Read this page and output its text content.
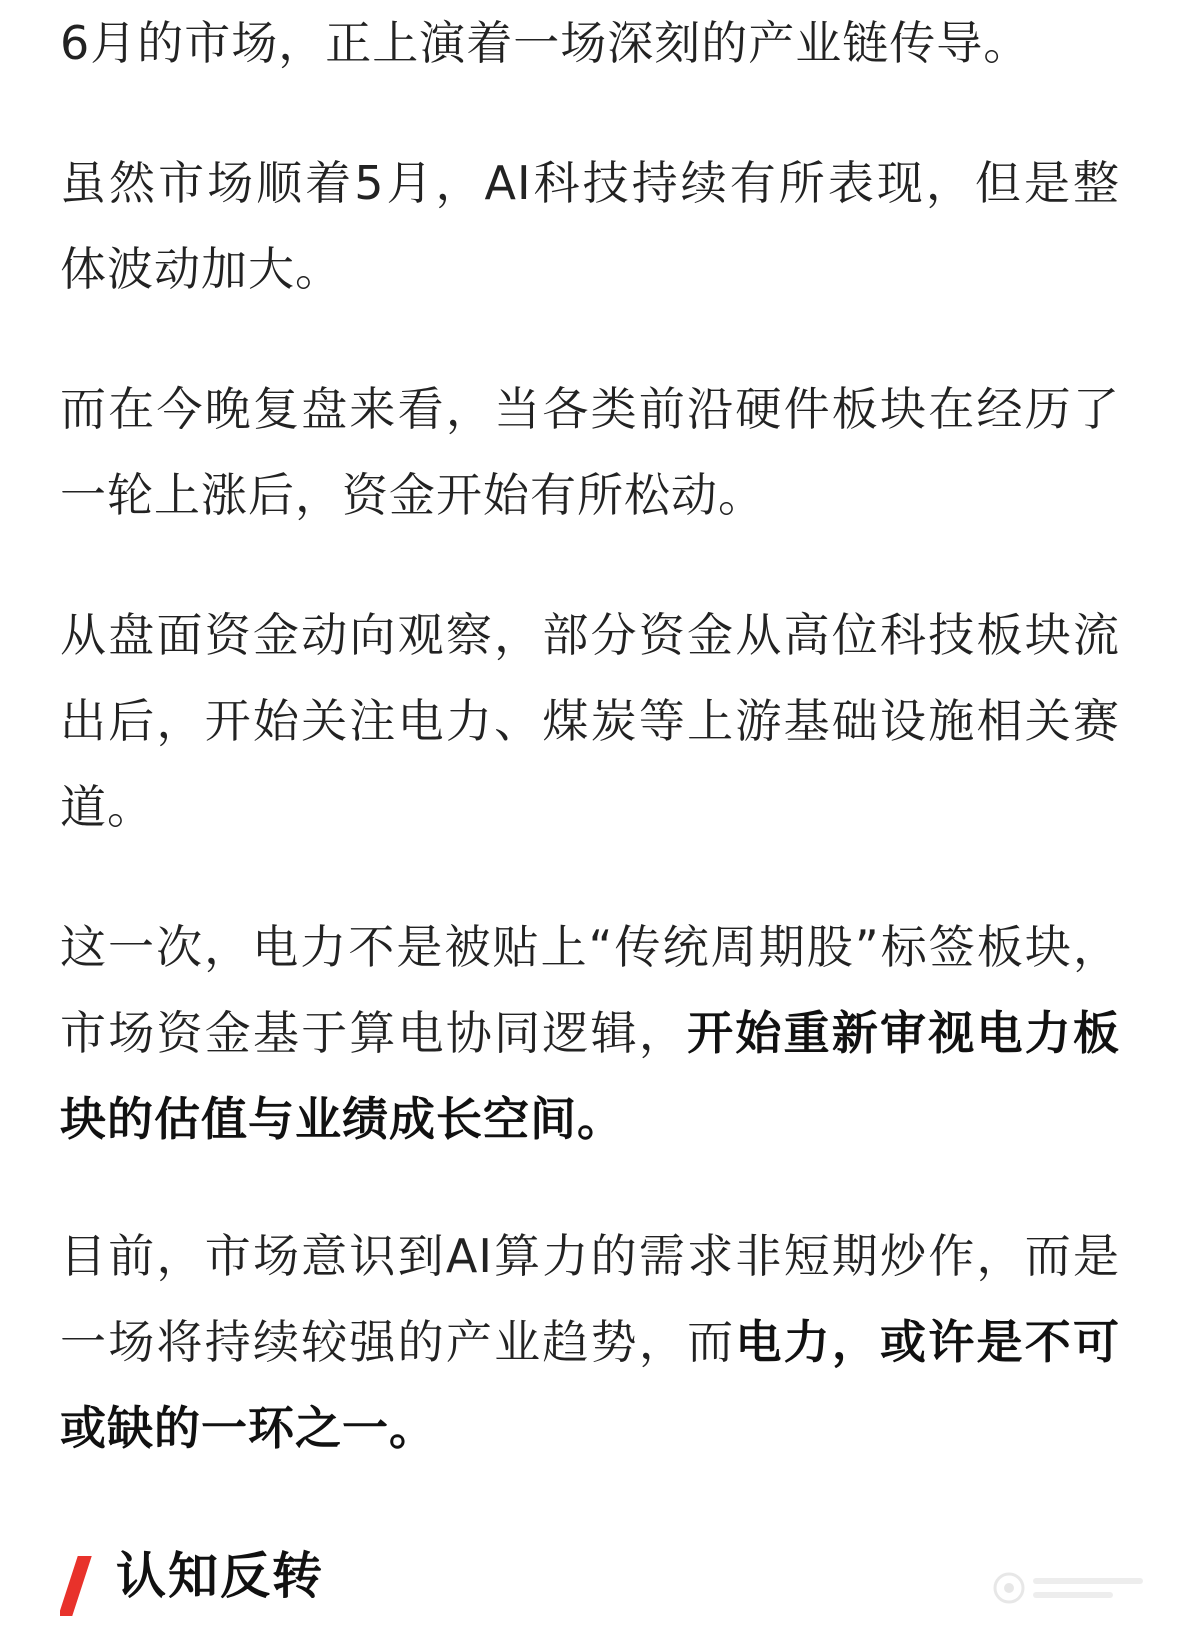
6月的市场，正上演着一场深刻的产业链传导。

虽然市场顺着5月，AI科技持续有所表现，但是整体波动加大。

而在今晚复盘来看，当各类前沿硬件板块在经历了一轮上涨后，资金开始有所松动。

从盘面资金动向观察，部分资金从高位科技板块流出后，开始关注电力、煤炭等上游基础设施相关赛道。

这一次，电力不是被贴上“传统周期股”标签板块，市场资金基于算电协同逻辑，开始重新审视电力板块的估值与业绩成长空间。

目前，市场意识到AI算力的需求非短期炒作，而是一场将持续较强的产业趋势，而电力，或许是不可或缺的一环之一。

认知反转
